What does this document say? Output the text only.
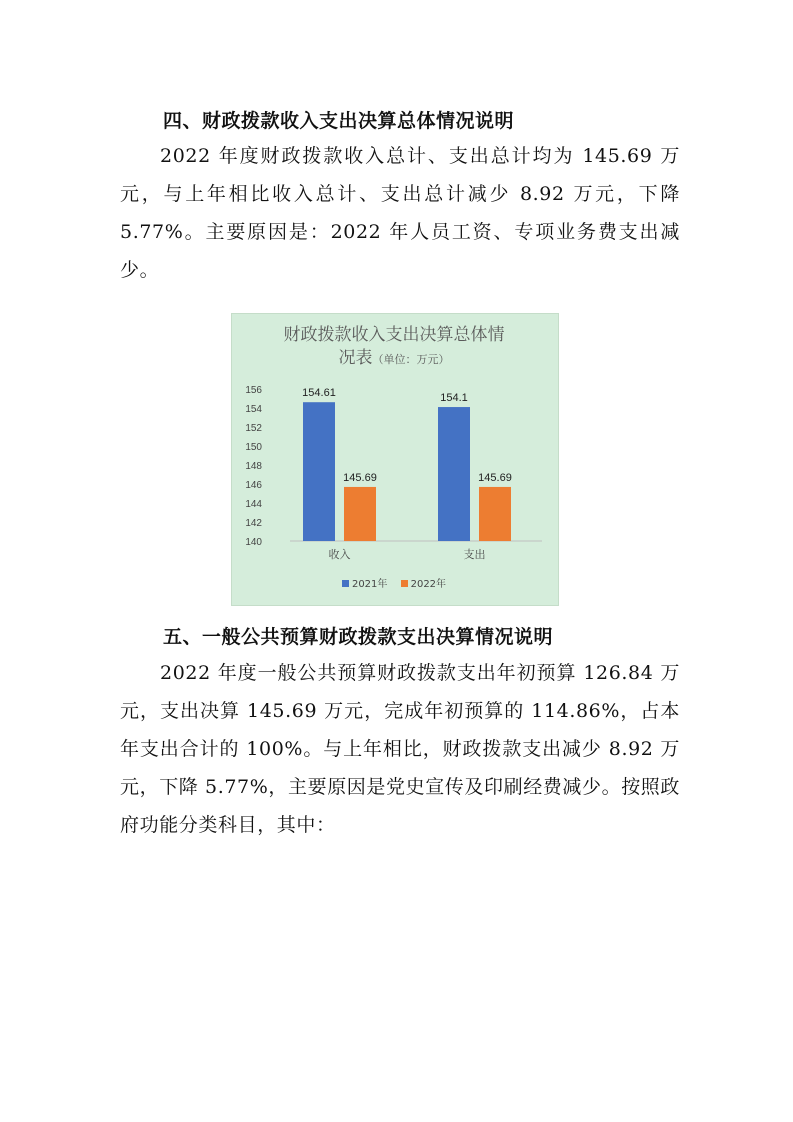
四、财政拨款收入支出决算总体情况说明
2022 年度财政拨款收入总计、支出总计均为 145.69 万元，与上年相比收入总计、支出总计减少 8.92 万元，下降 5.77%。主要原因是：2022 年人员工资、专项业务费支出减少。
140
142
144
146
148
150
152
154
156	154.61
145.69
收入
154.1
145.69
支出
财政拨款收入支出决算总体情
况表（单位：万元）
2021年 2022年
五、一般公共预算财政拨款支出决算情况说明
2022 年度一般公共预算财政拨款支出年初预算 126.84 万元，支出决算 145.69 万元，完成年初预算的 114.86%，占本年支出合计的 100%。与上年相比，财政拨款支出减少 8.92 万元，下降 5.77%，主要原因是党史宣传及印刷经费减少。按照政府功能分类科目，其中：
